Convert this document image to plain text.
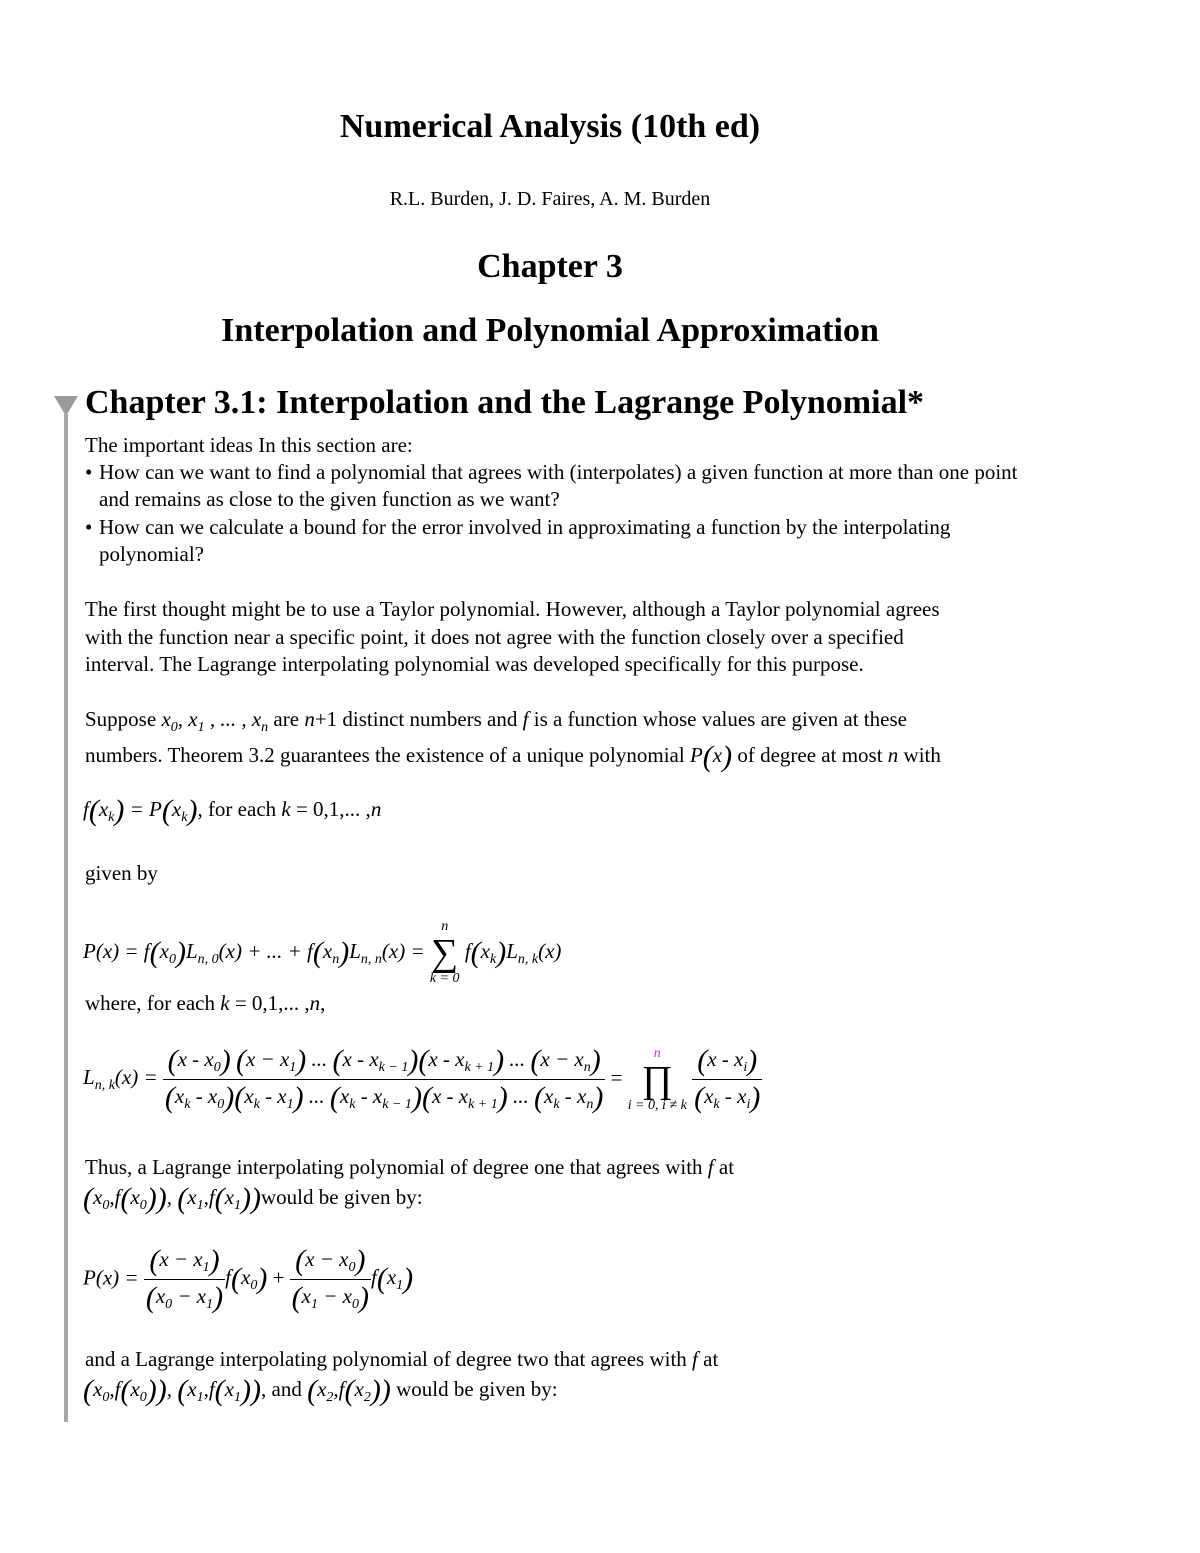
Numerical Analysis (10th ed)
R.L. Burden, J. D. Faires, A. M. Burden
Chapter 3
Interpolation and Polynomial Approximation
Chapter 3.1: Interpolation and the Lagrange Polynomial*
The important ideas In this section are:
• How can we want to find a polynomial that agrees with (interpolates) a given function at more than one point and remains as close to the given function as we want?
• How can we calculate a bound for the error involved in approximating a function by the interpolating polynomial?
The first thought might be to use a Taylor polynomial. However, although a Taylor polynomial agrees
with the function near a specific point, it does not agree with the function closely over a specified
interval. The Lagrange interpolating polynomial was developed specifically for this purpose.
Suppose $x_0$, $x_1$ , ... , $x_n$ are n+1 distinct numbers and f is a function whose values are given at these
numbers. Theorem 3.2 guarantees the existence of a unique polynomial P(x) of degree at most n with
$f(x_k) = P(x_k)$, for each k = 0,1,... ,n
given by
$P(x) = f(x_0)L_{n, 0}(x)$ + ... + $f(x_n)L_{n, n}(x)$ =
n
∑
k = 0
$f(x_k)L_{n, k}(x)$
where, for each k = 0,1,... ,n,
$L_{n, k}(x)$ =
$(x - x_0)$ $(x - x_1)$ ... $(x - x_{k - 1})(x - x_{k + 1})$ ... $(x - x_n)$
$(x_k - x_0)(x_k - x_1)$ ... $(x_k - x_{k - 1})(x - x_{k + 1})$ ... $(x_k - x_n)$
=
n
∏
i = 0, i ≠ k
$\frac{(x - x_i)}{(x_k - x_i)}$
Thus, a Lagrange interpolating polynomial of degree one that agrees with f at
$(x_0,f(x_0))$, $(x_1,f(x_1))would$ be given by:
$P(x) = \frac{(x - x_1)}{(x_0 - x_1)} f(x_0) + \frac{(x - x_0)}{(x_1 - x_0)} f(x_1)$
and a Lagrange interpolating polynomial of degree two that agrees with f at
$(x_0,f(x_0))$, $(x_1,f(x_1))$, and $(x_2,f(x_2))$ would be given by:
